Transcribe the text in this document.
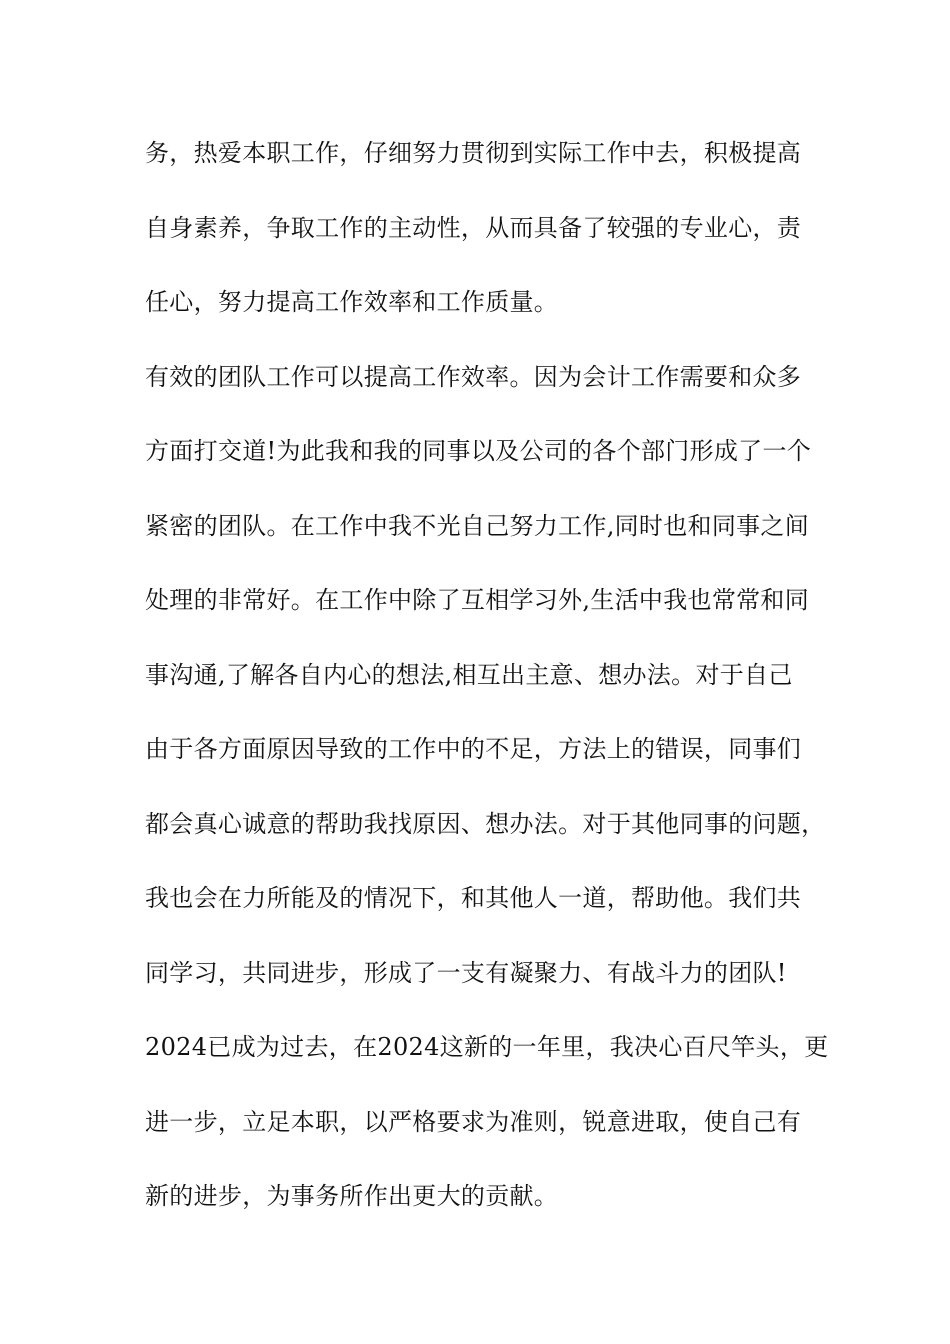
务，热爱本职工作，仔细努力贯彻到实际工作中去，积极提高
自身素养，争取工作的主动性，从而具备了较强的专业心，责
任心，努力提高工作效率和工作质量。
有效的团队工作可以提高工作效率。因为会计工作需要和众多
方面打交道!为此我和我的同事以及公司的各个部门形成了一个
紧密的团队。在工作中我不光自己努力工作,同时也和同事之间
处理的非常好。在工作中除了互相学习外,生活中我也常常和同
事沟通,了解各自内心的想法,相互出主意、想办法。对于自己
由于各方面原因导致的工作中的不足，方法上的错误，同事们
都会真心诚意的帮助我找原因、想办法。对于其他同事的问题，
我也会在力所能及的情况下，和其他人一道，帮助他。我们共
同学习，共同进步，形成了一支有凝聚力、有战斗力的团队!
2024已成为过去，在2024这新的一年里，我决心百尺竿头，更
进一步，立足本职，以严格要求为准则，锐意进取，使自己有
新的进步，为事务所作出更大的贡献。
